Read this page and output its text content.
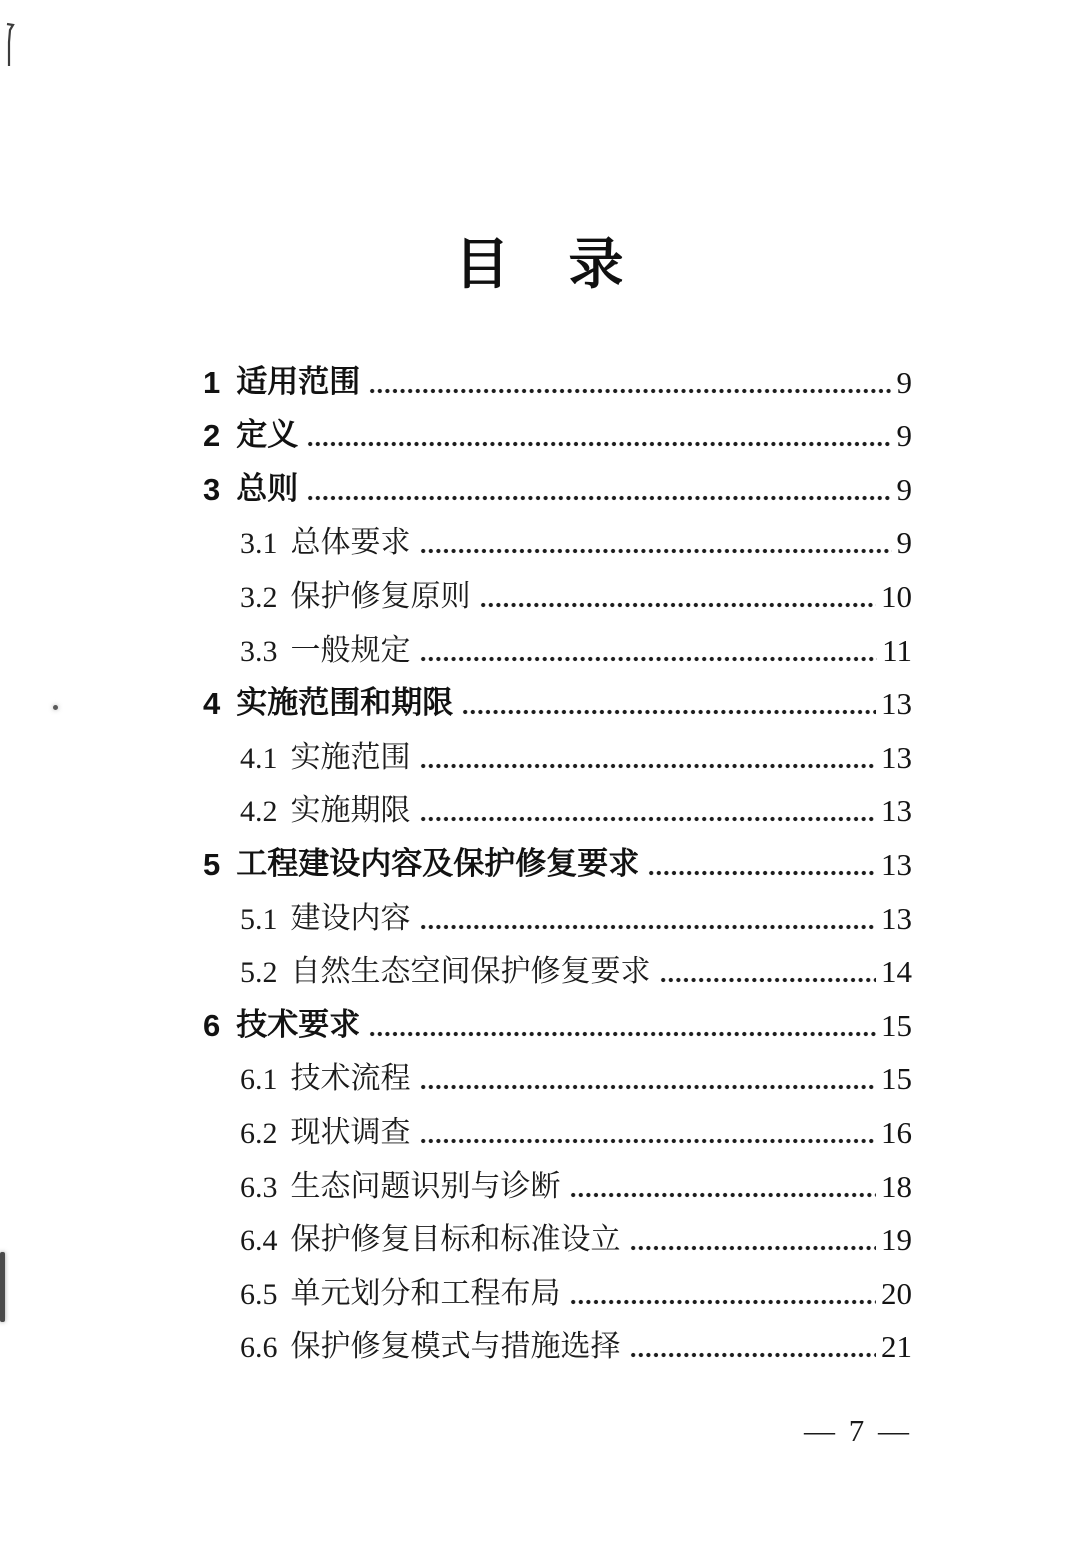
目　录
1 适用范围	9
2 定义	9
3 总则	9
3.1 总体要求	9
3.2 保护修复原则	10
3.3 一般规定	11
4 实施范围和期限	13
4.1 实施范围	13
4.2 实施期限	13
5 工程建设内容及保护修复要求	13
5.1 建设内容	13
5.2 自然生态空间保护修复要求	14
6 技术要求	15
6.1 技术流程	15
6.2 现状调查	16
6.3 生态问题识别与诊断	18
6.4 保护修复目标和标准设立	19
6.5 单元划分和工程布局	20
6.6 保护修复模式与措施选择	21
— 7 —
